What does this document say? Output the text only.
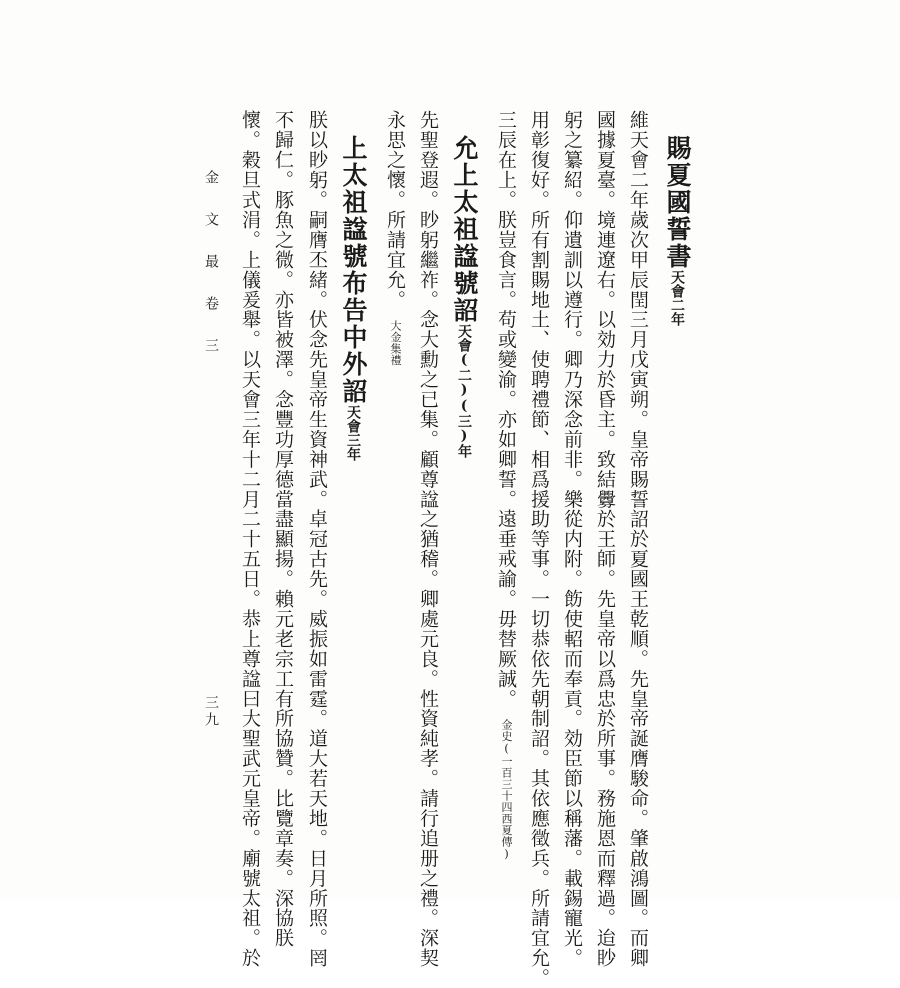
賜夏國誓書天會二年
維天會二年歲次甲辰閏三月戊寅朔。皇帝賜誓詔於夏國王乾順。先皇帝誕膺駿命。肇啟鴻圖。而卿
國據夏臺。境連遼右。以効力於昏主。致結釁於王師。先皇帝以爲忠於所事。務施恩而釋過。迨眇
躬之纂紹。仰遺訓以遵行。卿乃深念前非。樂從内附。飭使軺而奉貢。効臣節以稱藩。載錫寵光。
用彰復好。所有割賜地土、使聘禮節、相爲援助等事。一切恭依先朝制詔。其依應徵兵。所請宜允。
三辰在上。朕豈食言。苟或變渝。亦如卿誓。遠垂戒諭。毋替厥誠。金史(一百三十四西夏傳)
允上太祖諡號詔天會(二)(三)年
先聖登遐。眇躬繼祚。念大勳之已集。顧尊諡之猶稽。卿處元良。性資純孝。請行追册之禮。深契
永思之懷。所請宜允。大金集禮
上太祖諡號布告中外詔天會三年
朕以眇躬。嗣膺丕緒。伏念先皇帝生資神武。卓冠古先。威振如雷霆。道大若天地。日月所照。罔
不歸仁。豚魚之微。亦皆被澤。念豐功厚德當盡顯揚。賴元老宗工有所協贊。比覽章奏。深協朕
懷。穀旦式涓。上儀爰舉。以天會三年十二月二十五日。恭上尊諡曰大聖武元皇帝。廟號太祖。於
金 文 最 卷 三
三九
